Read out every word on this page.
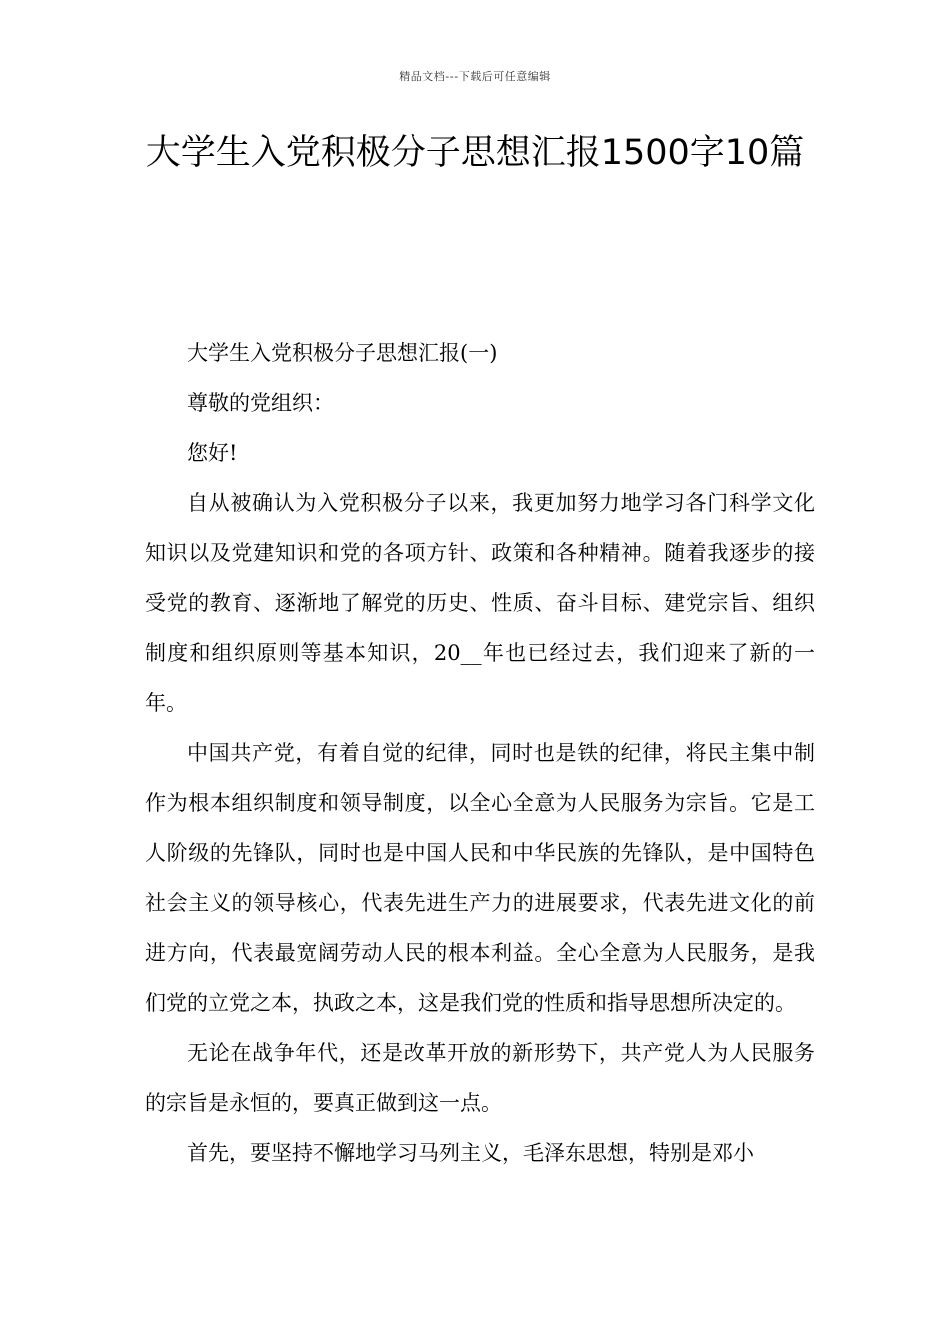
精品文档---下载后可任意编辑
大学生入党积极分子思想汇报1500字10篇

大学生入党积极分子思想汇报(一)

尊敬的党组织：

您好!

自从被确认为入党积极分子以来，我更加努力地学习各门科学文化知识以及党建知识和党的各项方针、政策和各种精神。随着我逐步的接受党的教育、逐渐地了解党的历史、性质、奋斗目标、建党宗旨、组织制度和组织原则等基本知识，20__年也已经过去，我们迎来了新的一年。

中国共产党，有着自觉的纪律，同时也是铁的纪律，将民主集中制作为根本组织制度和领导制度，以全心全意为人民服务为宗旨。它是工人阶级的先锋队，同时也是中国人民和中华民族的先锋队，是中国特色社会主义的领导核心，代表先进生产力的进展要求，代表先进文化的前进方向，代表最宽阔劳动人民的根本利益。全心全意为人民服务，是我们党的立党之本，执政之本，这是我们党的性质和指导思想所决定的。

无论在战争年代，还是改革开放的新形势下，共产党人为人民服务的宗旨是永恒的，要真正做到这一点。

首先，要坚持不懈地学习马列主义，毛泽东思想，特别是邓小
